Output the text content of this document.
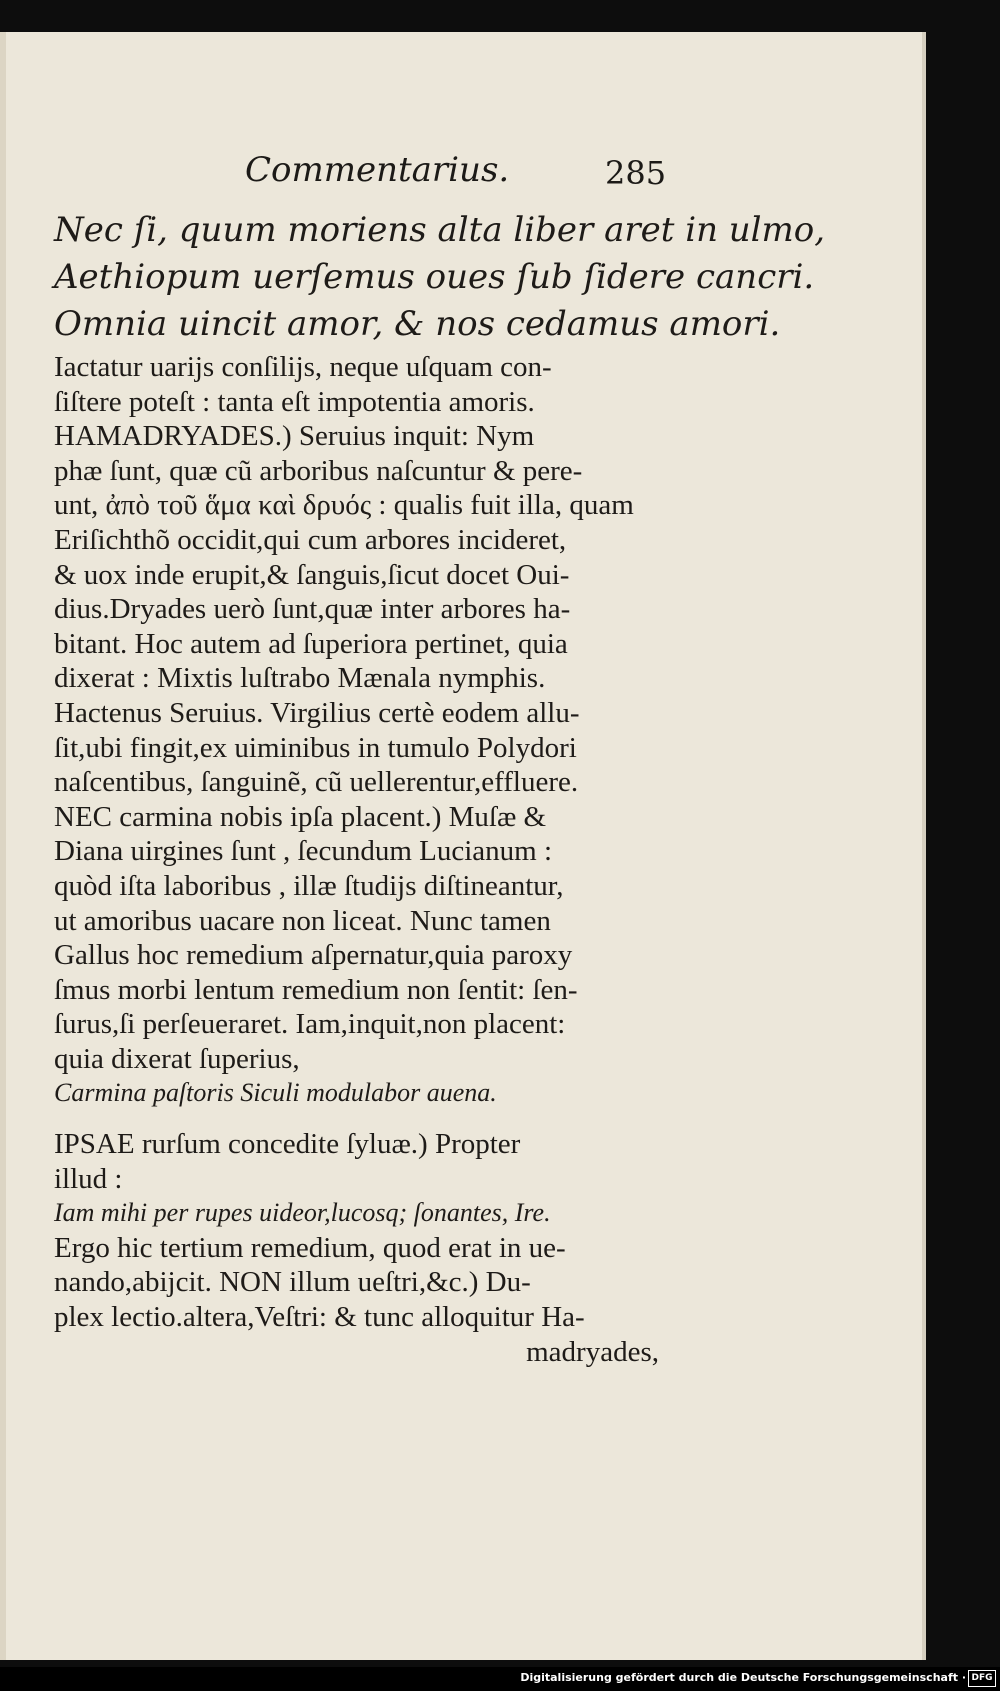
Commentarius.	285
Nec ſi, quum moriens alta liber aret in ulmo,
Aethiopum uerſemus oues ſub ſidere cancri.
Omnia uincit amor, & nos cedamus amori.
Iactatur uarijs conſilijs, neque uſquam con-
ſiſtere poteſt : tanta eſt impotentia amoris.
HAMADRYADES.) Seruius inquit: Nym
phæ ſunt, quæ cũ arboribus naſcuntur & pere-
unt, ἀπὸ τοῦ ἅμα καὶ δρυός : qualis fuit illa, quam
Eriſichthõ occidit,qui cum arbores incideret,
& uox inde erupit,& ſanguis,ſicut docet Oui-
dius.Dryades uerò ſunt,quæ inter arbores ha-
bitant. Hoc autem ad ſuperiora pertinet, quia
dixerat : Mixtis luſtrabo Mænala nymphis.
Hactenus Seruius. Virgilius certè eodem allu-
ſit,ubi fingit,ex uiminibus in tumulo Polydori
naſcentibus, ſanguinẽ, cũ uellerentur,effluere.
NEC carmina nobis ipſa placent.) Muſæ &
Diana uirgines ſunt , ſecundum Lucianum :
quòd iſta laboribus , illæ ſtudijs diſtineantur,
ut amoribus uacare non liceat. Nunc tamen
Gallus hoc remedium aſpernatur,quia paroxy
ſmus morbi lentum remedium non ſentit: ſen-
ſurus,ſi perſeueraret. Iam,inquit,non placent:
quia dixerat ſuperius,
Carmina paſtoris Siculi modulabor auena.
IPSAE rurſum concedite ſyluæ.) Propter
illud :
Iam mihi per rupes uideor,lucosq; ſonantes, Ire.
Ergo hic tertium remedium, quod erat in ue-
nando,abijcit. NON illum ueſtri,&c.) Du-
plex lectio.altera,Veſtri: & tunc alloquitur Ha-
madryades,
Digitalisierung gefördert durch die Deutsche Forschungsgemeinschaft · DFG
